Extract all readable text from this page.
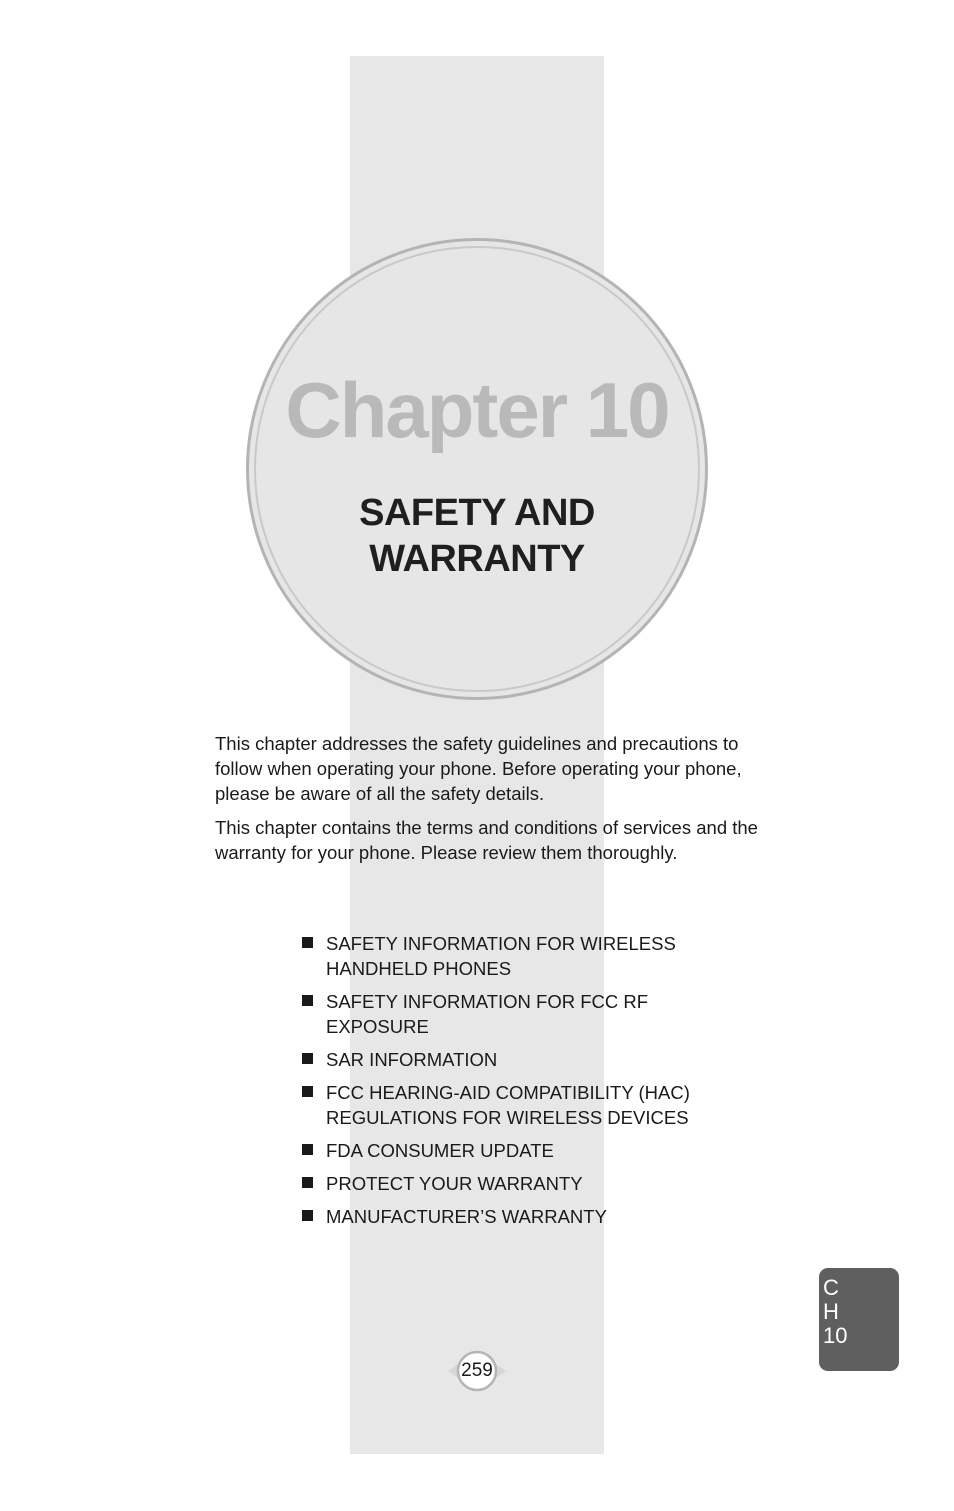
Chapter 10
SAFETY AND
WARRANTY

This chapter addresses the safety guidelines and precautions to follow when operating your phone. Before operating your phone, please be aware of all the safety details.

This chapter contains the terms and conditions of services and the warranty for your phone. Please review them thoroughly.

SAFETY INFORMATION FOR WIRELESS HANDHELD PHONES
SAFETY INFORMATION FOR FCC RF EXPOSURE
SAR INFORMATION
FCC HEARING-AID COMPATIBILITY (HAC) REGULATIONS FOR WIRELESS DEVICES
FDA CONSUMER UPDATE
PROTECT YOUR WARRANTY
MANUFACTURER’S WARRANTY
259
C
H
10
